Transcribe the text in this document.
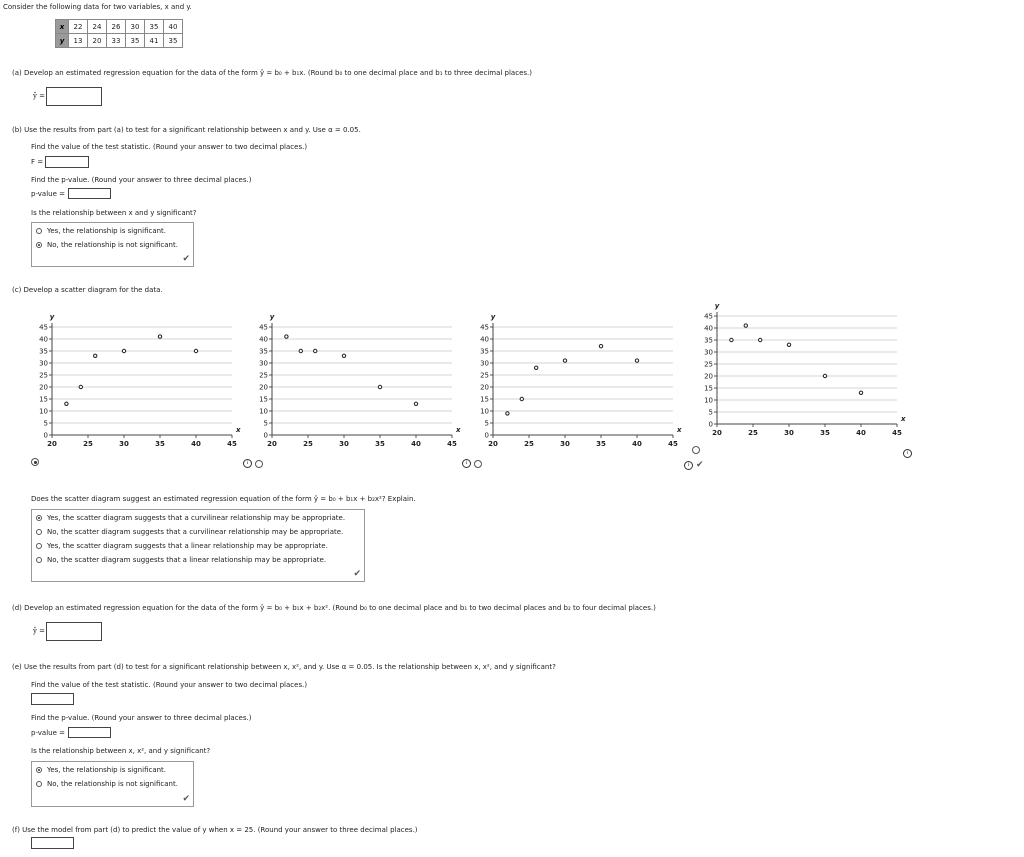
Consider the following data for two variables, x and y.
x	22	24	26	30	35	40
y	13	20	33	35	41	35
(a) Develop an estimated regression equation for the data of the form ŷ = b₀ + b₁x. (Round b₀ to one decimal place and b₁ to three decimal places.)
ŷ =
(b) Use the results from part (a) to test for a significant relationship between x and y. Use α = 0.05.
Find the value of the test statistic. (Round your answer to two decimal places.)
F =
Find the p-value. (Round your answer to three decimal places.)
p-value =
Is the relationship between x and y significant?
Yes, the relationship is significant.
No, the relationship is not significant.
✔
(c) Develop a scatter diagram for the data.
0
5
10
15
20
25
30
35
40
45
20	25	30	35	40	45
y
x
0
5
10
15
20
25
30
35
40
45
20	25	30	35	40	45
y
x
0
5
10
15
20
25
30
35
40
45
20	25	30	35	40	45
y
x
0
5
10
15
20
25
30
35
40
45
20	25	30	35	40	45
y
x
i	i	i ✔
i
Does the scatter diagram suggest an estimated regression equation of the form ŷ = b₀ + b₁x + b₂x²? Explain.
Yes, the scatter diagram suggests that a curvilinear relationship may be appropriate.
No, the scatter diagram suggests that a curvilinear relationship may be appropriate.
Yes, the scatter diagram suggests that a linear relationship may be appropriate.
No, the scatter diagram suggests that a linear relationship may be appropriate.
✔
(d) Develop an estimated regression equation for the data of the form ŷ = b₀ + b₁x + b₂x². (Round b₀ to one decimal place and b₁ to two decimal places and b₂ to four decimal places.)
ŷ =
(e) Use the results from part (d) to test for a significant relationship between x, x², and y. Use α = 0.05. Is the relationship between x, x², and y significant?
Find the value of the test statistic. (Round your answer to two decimal places.)
Find the p-value. (Round your answer to three decimal places.)
p-value =
Is the relationship between x, x², and y significant?
Yes, the relationship is significant.
No, the relationship is not significant.
✔
(f) Use the model from part (d) to predict the value of y when x = 25. (Round your answer to three decimal places.)
